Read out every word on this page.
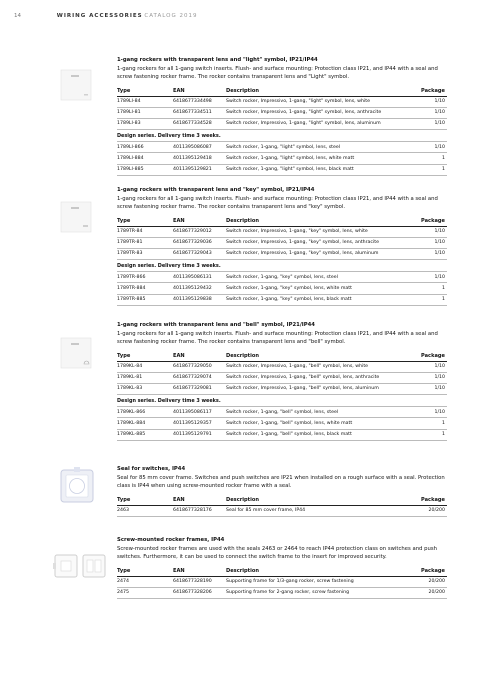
14	WIRING ACCESSORIES CATALOG 2019

1-gang rockers with transparent lens and "light" symbol, IP21/IP44

1-gang rockers for all 1-gang switch inserts. Flush- and surface mounting: Protection class IP21, and IP44 with a seal and screw fastening rocker frame. The rocker contains transparent lens and "Light" symbol.

Type	EAN	Description	Package
1789LI-84	6418677334498	Switch rocker, Impressivo, 1-gang, "light" symbol, lens, white	1/10
1789LI-81	6418677334511	Switch rocker, Impressivo, 1-gang, "light" symbol, lens, anthracite	1/10
1789LI-83	6418677334528	Switch rocker, Impressivo, 1-gang, "light" symbol, lens, aluminum	1/10
Design series. Delivery time 3 weeks.			
1789LI-866	4011395086087	Switch rocker, 1-gang, "light" symbol, lens, steel	1/10
1789LI-884	4011395129418	Switch rocker, 1-gang, "light" symbol, lens, white matt	1
1789LI-885	4011395129821	Switch rocker, 1-gang, "light" symbol, lens, black matt	1

1-gang rockers with transparent lens and "key" symbol, IP21/IP44

1-gang rockers for all 1-gang switch inserts. Flush- and surface mounting: Protection class IP21, and IP44 with a seal and screw fastening rocker frame. The rocker contains transparent lens and "key" symbol.

Type	EAN	Description	Package
1789TR-84	6418677329012	Switch rocker, Impressivo, 1-gang, "key" symbol, lens, white	1/10
1789TR-81	6418677329036	Switch rocker, Impressivo, 1-gang, "key" symbol, lens, anthracite	1/10
1789TR-83	6418677329043	Switch rocker, Impressivo, 1-gang, "key" symbol, lens, aluminum	1/10
Design series. Delivery time 3 weeks.			
1789TR-866	4011395086131	Switch rocker, 1-gang, "key" symbol, lens, steel	1/10
1789TR-884	4011395129432	Switch rocker, 1-gang, "key" symbol, lens, white matt	1
1789TR-885	4011395129838	Switch rocker, 1-gang, "key" symbol, lens, black matt	1

1-gang rockers with transparent lens and "bell" symbol, IP21/IP44

1-gang rockers for all 1-gang switch inserts. Flush- and surface mounting: Protection class IP21, and IP44 with a seal and screw fastening rocker frame. The rocker contains transparent lens and "bell" symbol.

Type	EAN	Description	Package
1789KL-84	6418677329050	Switch rocker, Impressivo, 1-gang, "bell" symbol, lens, white	1/10
1789KL-81	6418677329074	Switch rocker, Impressivo, 1-gang, "bell" symbol, lens, anthracite	1/10
1789KL-83	6418677329081	Switch rocker, Impressivo, 1-gang, "bell" symbol, lens, aluminum	1/10
Design series. Delivery time 3 weeks.			
1789KL-866	4011395086117	Switch rocker, 1-gang, "bell" symbol, lens, steel	1/10
1789KL-884	4011395129357	Switch rocker, 1-gang, "bell" symbol, lens, white matt	1
1789KL-885	4011395129791	Switch rocker, 1-gang, "bell" symbol, lens, black matt	1

Seal for switches, IP44

Seal for 85 mm cover frame. Switches and push switches are IP21 when installed on a rough surface with a seal. Protection class is IP44 when using screw-mounted rocker frame with a seal.

Type	EAN	Description	Package
2463	6418677328176	Seal for 85 mm cover frame, IP44	20/200

Screw-mounted rocker frames, IP44

Screw-mounted rocker frames are used with the seals 2463 or 2464 to reach IP44 protection class on switches and push switches. Furthermore, it can be used to connect the switch frame to the insert for improved security.

Type	EAN	Description	Package
2474	6418677328190	Supporting frame for 1/3-gang rocker, screw fastening	20/200
2475	6418677328206	Supporting frame for 2-gang rocker, screw fastening	20/200
